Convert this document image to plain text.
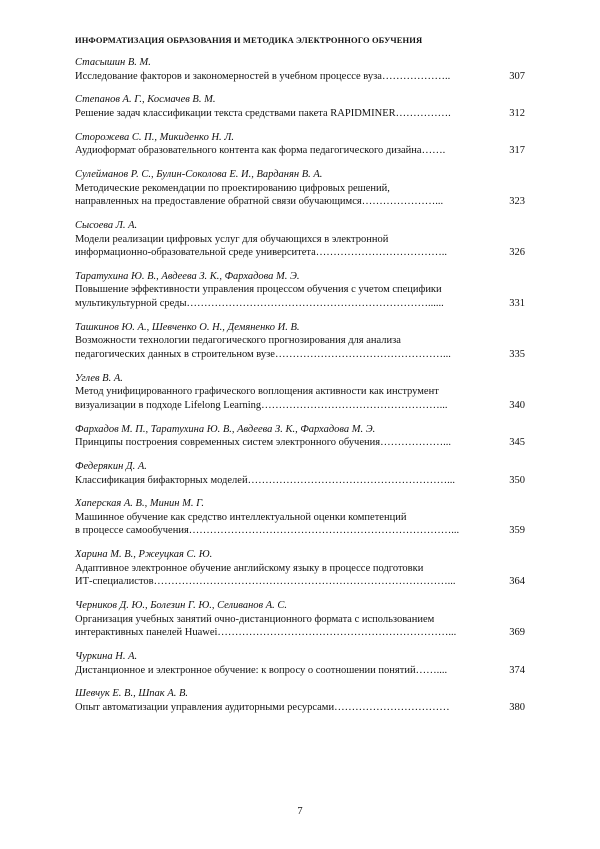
ИНФОРМАТИЗАЦИЯ ОБРАЗОВАНИЯ И МЕТОДИКА ЭЛЕКТРОННОГО ОБУЧЕНИЯ
Стасышин В. М.
Исследование факторов и закономерностей в учебном процессе вуза………………..	307
Степанов А. Г., Космачев В. М.
Решение задач классификации текста средствами пакета RAPIDMINER…………….	312
Сторожева С. П., Микиденко Н. Л.
Аудиоформат образовательного контента как форма педагогического дизайна…….	317
Сулейманов Р. С., Булин-Соколова Е. И., Варданян В. А.
Методические рекомендации по проектированию цифровых решений,
направленных на предоставление обратной связи обучающимся…………………...	323
Сысоева Л. А.
Модели реализации цифровых услуг для обучающихся в электронной
информационно-образовательной среде университета………………………………..	326
Таратухина Ю. В., Авдеева З. К., Фархадова М. Э.
Повышение эффективности управления процессом обучения с учетом специфики
мультикультурной среды……………………………………………………………......	331
Ташкинов Ю. А., Шевченко О. Н., Демяненко И. В.
Возможности технологии педагогического прогнозирования для анализа
педагогических данных в строительном вузе…………………………………………...	335
Углев В. А.
Метод унифицированного графического воплощения активности как инструмент
визуализации в подходе Lifelong Learning……………………………………………...	340
Фархадов М. П., Таратухина Ю. В., Авдеева З. К., Фархадова М. Э.
Принципы построения современных систем электронного обучения………………...	345
Федерякин Д. А.
Классификация бифакторных моделей…………………………………………………...	350
Хаперская А. В., Минин М. Г.
Машинное обучение как средство интеллектуальной оценки компетенций
в процессе самообучения…………………………………………………………………...	359
Харина М. В., Ржеуцкая С. Ю.
Адаптивное электронное обучение английскому языку в процессе подготовки
ИТ-специалистов…………………………………………………………………………...	364
Черников Д. Ю., Болезин Г. Ю., Селиванов А. С.
Организация учебных занятий очно-дистанционного формата с использованием
интерактивных панелей Huawei…………………………………………………………...	369
Чуркина Н. А.
Дистанционное и электронное обучение: к вопросу о соотношении понятий……....	374
Шевчук Е. В., Шпак А. В.
Опыт автоматизации управления аудиторными ресурсами……………………………	380
7
